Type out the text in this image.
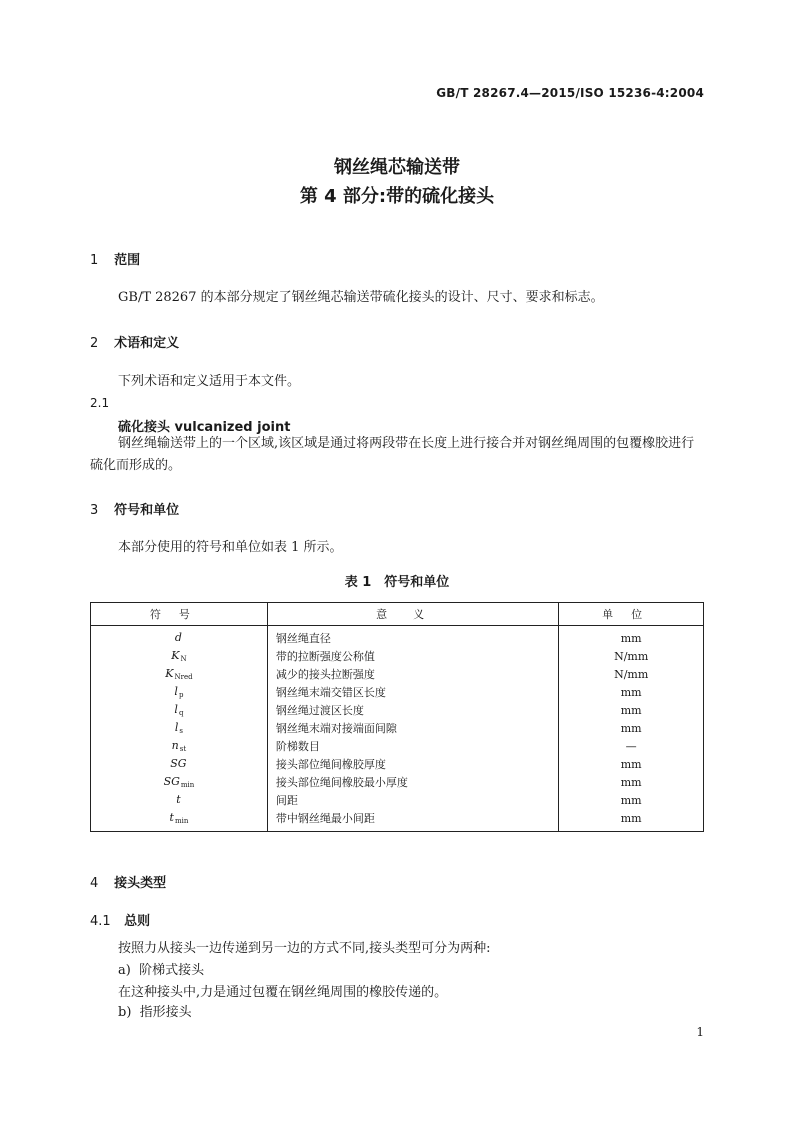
GB/T 28267.4—2015/ISO 15236-4:2004
钢丝绳芯输送带
第 4 部分:带的硫化接头
1 范围
GB/T 28267 的本部分规定了钢丝绳芯输送带硫化接头的设计、尺寸、要求和标志。
2 术语和定义
下列术语和定义适用于本文件。
2.1
硫化接头 vulcanized joint
钢丝绳输送带上的一个区域,该区域是通过将两段带在长度上进行接合并对钢丝绳周围的包覆橡胶进行硫化而形成的。
3 符号和单位
本部分使用的符号和单位如表 1 所示。
表 1　符号和单位
符号	意义	单位
d	钢丝绳直径	mm
KN	带的拉断强度公称值	N/mm
KNred	减少的接头拉断强度	N/mm
lp	钢丝绳末端交错区长度	mm
lq	钢丝绳过渡区长度	mm
ls	钢丝绳末端对接端面间隙	mm
nst	阶梯数目	—
SG	接头部位绳间橡胶厚度	mm
SGmin	接头部位绳间橡胶最小厚度	mm
t	间距	mm
tmin	带中钢丝绳最小间距	mm
4 接头类型
4.1 总则
按照力从接头一边传递到另一边的方式不同,接头类型可分为两种:
a) 阶梯式接头
在这种接头中,力是通过包覆在钢丝绳周围的橡胶传递的。
b) 指形接头
1
